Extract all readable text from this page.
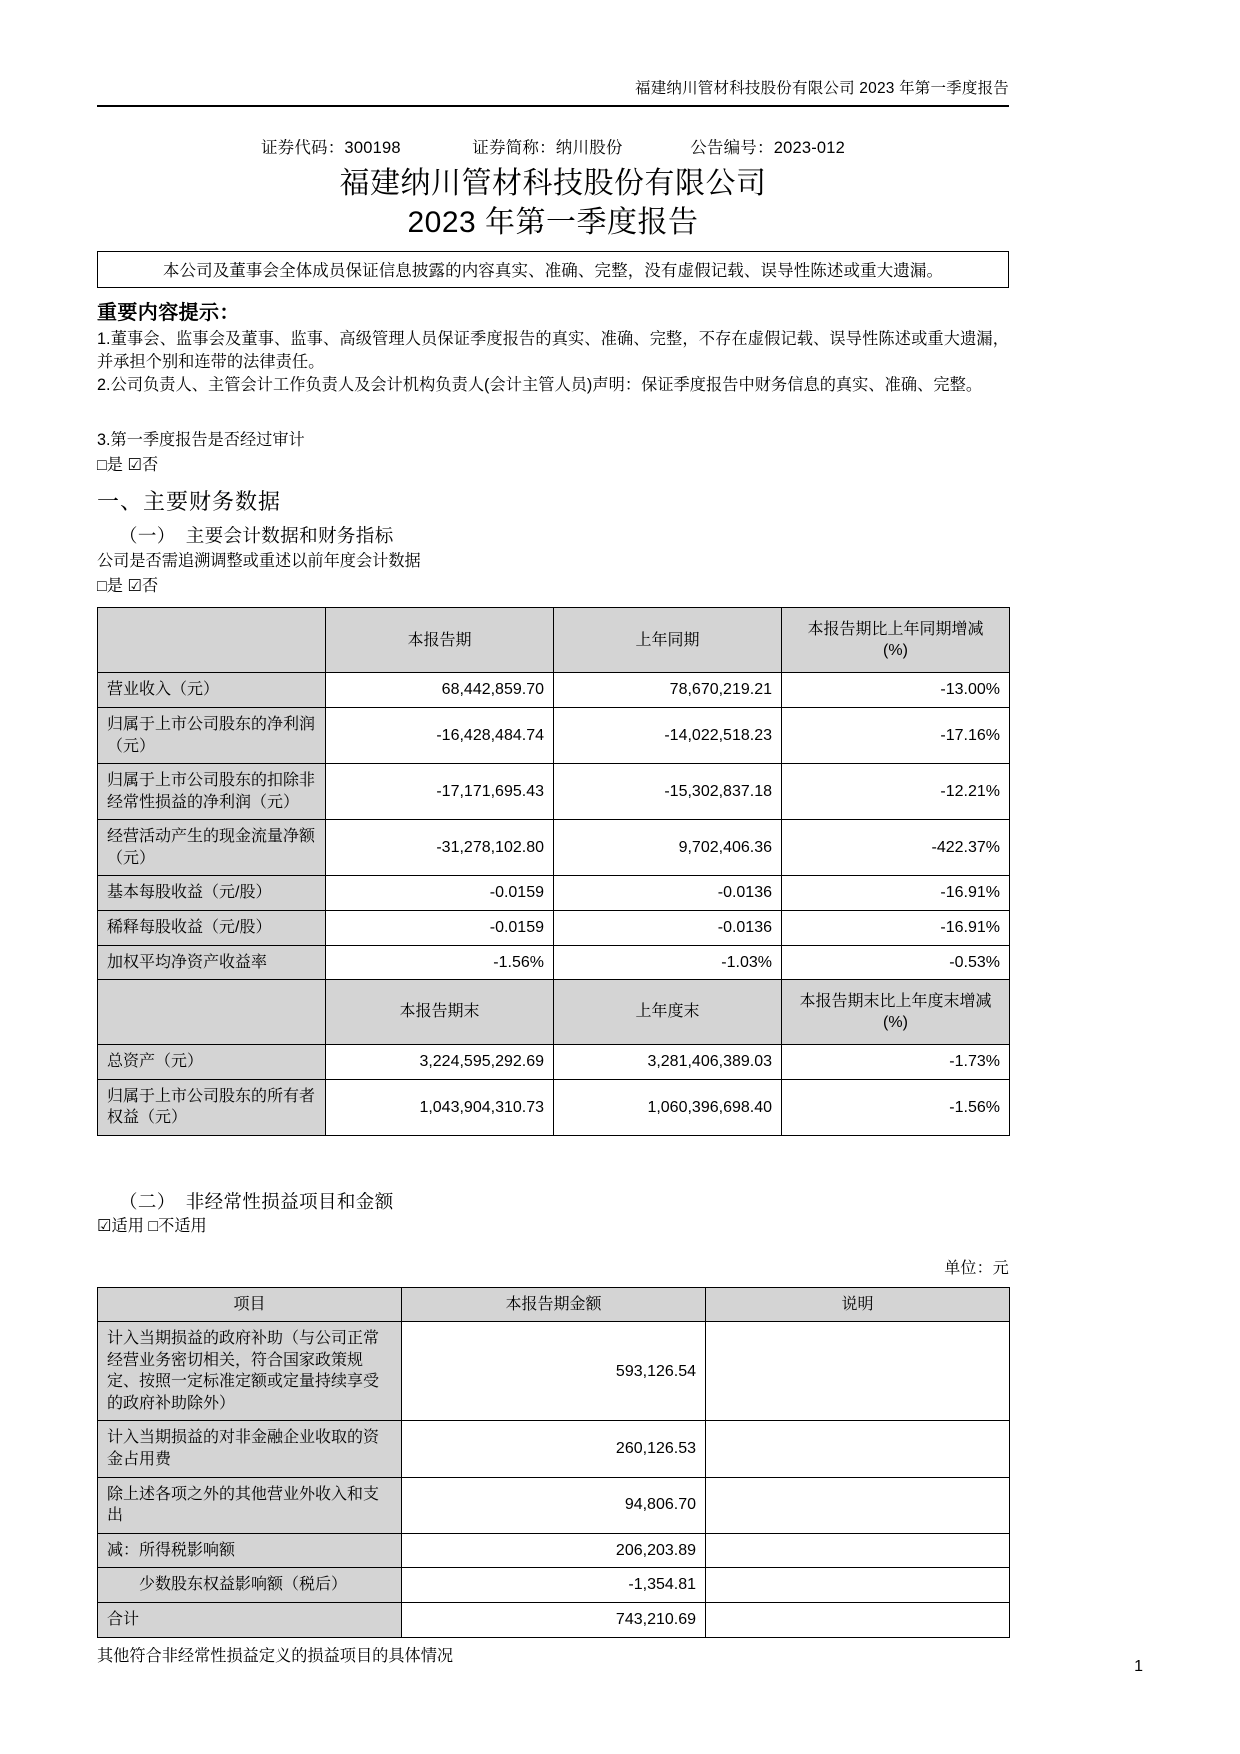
福建纳川管材科技股份有限公司 2023 年第一季度报告
证券代码：300198	证券简称：纳川股份	公告编号：2023-012
福建纳川管材科技股份有限公司
2023 年第一季度报告
本公司及董事会全体成员保证信息披露的内容真实、准确、完整，没有虚假记载、误导性陈述或重大遗漏。
重要内容提示：
1.董事会、监事会及董事、监事、高级管理人员保证季度报告的真实、准确、完整，不存在虚假记载、误导性陈述或重大遗漏，并承担个别和连带的法律责任。
2.公司负责人、主管会计工作负责人及会计机构负责人(会计主管人员)声明：保证季度报告中财务信息的真实、准确、完整。
3.第一季度报告是否经过审计
□是 ☑否
一、主要财务数据
（一） 主要会计数据和财务指标
公司是否需追溯调整或重述以前年度会计数据
□是 ☑否
	本报告期	上年同期	本报告期比上年同期增减
(%)
营业收入（元）	68,442,859.70	78,670,219.21	-13.00%
归属于上市公司股东的净利润（元）	-16,428,484.74	-14,022,518.23	-17.16%
归属于上市公司股东的扣除非经常性损益的净利润（元）	-17,171,695.43	-15,302,837.18	-12.21%
经营活动产生的现金流量净额（元）	-31,278,102.80	9,702,406.36	-422.37%
基本每股收益（元/股）	-0.0159	-0.0136	-16.91%
稀释每股收益（元/股）	-0.0159	-0.0136	-16.91%
加权平均净资产收益率	-1.56%	-1.03%	-0.53%
	本报告期末	上年度末	本报告期末比上年度末增减
(%)
总资产（元）	3,224,595,292.69	3,281,406,389.03	-1.73%
归属于上市公司股东的所有者权益（元）	1,043,904,310.73	1,060,396,698.40	-1.56%
（二） 非经常性损益项目和金额
☑适用 □不适用
单位：元
项目	本报告期金额	说明
计入当期损益的政府补助（与公司正常经营业务密切相关，符合国家政策规定、按照一定标准定额或定量持续享受的政府补助除外）	593,126.54	
计入当期损益的对非金融企业收取的资金占用费	260,126.53	
除上述各项之外的其他营业外收入和支出	94,806.70	
减：所得税影响额	206,203.89	
　　少数股东权益影响额（税后）	-1,354.81	
合计	743,210.69	
其他符合非经常性损益定义的损益项目的具体情况
1
